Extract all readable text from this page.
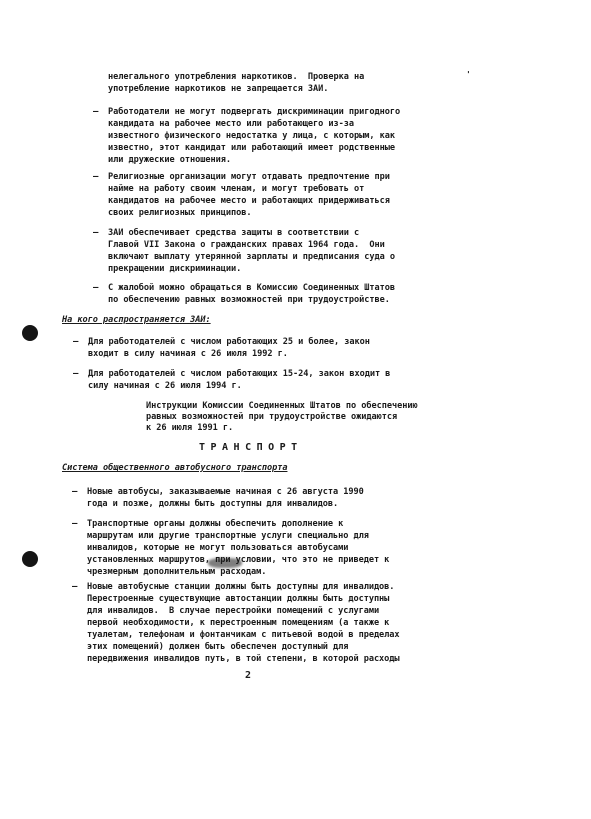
'
нелегального употребления наркотиков.  Проверка на
употребление наркотиков не запрещается ЗАИ.
– Работодатели не могут подвергать дискриминации пригодного
кандидата на рабочее место или работающего из-за
известного физического недостатка у лица, с которым, как
известно, этот кандидат или работающий имеет родственные
или дружеские отношения.
– Религиозные организации могут отдавать предпочтение при
найме на работу своим членам, и могут требовать от
кандидатов на рабочее место и работающих придерживаться
своих религиозных принципов.
– ЗАИ обеспечивает средства защиты в соответствии с
Главой VII Закона о гражданских правах 1964 года.  Они
включают выплату утерянной зарплаты и предписания суда о
прекращении дискриминации.
– С жалобой можно обращаться в Комиссию Соединенных Штатов
по обеспечению равных возможностей при трудоустройстве.
На кого распространяется ЗАИ:
– Для работодателей с числом работающих 25 и более, закон
входит в силу начиная с 26 июля 1992 г.
– Для работодателей с числом работающих 15-24, закон входит в
силу начиная с 26 июля 1994 г.
Инструкции Комиссии Соединенных Штатов по обеспечению
равных возможностей при трудоустройстве ожидаются
к 26 июля 1991 г.
ТРАНСПОРТ
Система общественного автобусного транспорта
– Новые автобусы, заказываемые начиная с 26 августа 1990
года и позже, должны быть доступны для инвалидов.
– Транспортные органы должны обеспечить дополнение к
маршрутам или другие транспортные услуги специально для
инвалидов, которые не могут пользоваться автобусами
установленных маршрутов, при условии, что это не приведет к
чрезмерным дополнительным расходам.
– Новые автобусные станции должны быть доступны для инвалидов.
Перестроенные существующие автостанции должны быть доступны
для инвалидов.  В случае перестройки помещений с услугами
первой необходимости, к перестроенным помещениям (а также к
туалетам, телефонам и фонтанчикам с питьевой водой в пределах
этих помещений) должен быть обеспечен доступный для
передвижения инвалидов путь, в той степени, в которой расходы
2
